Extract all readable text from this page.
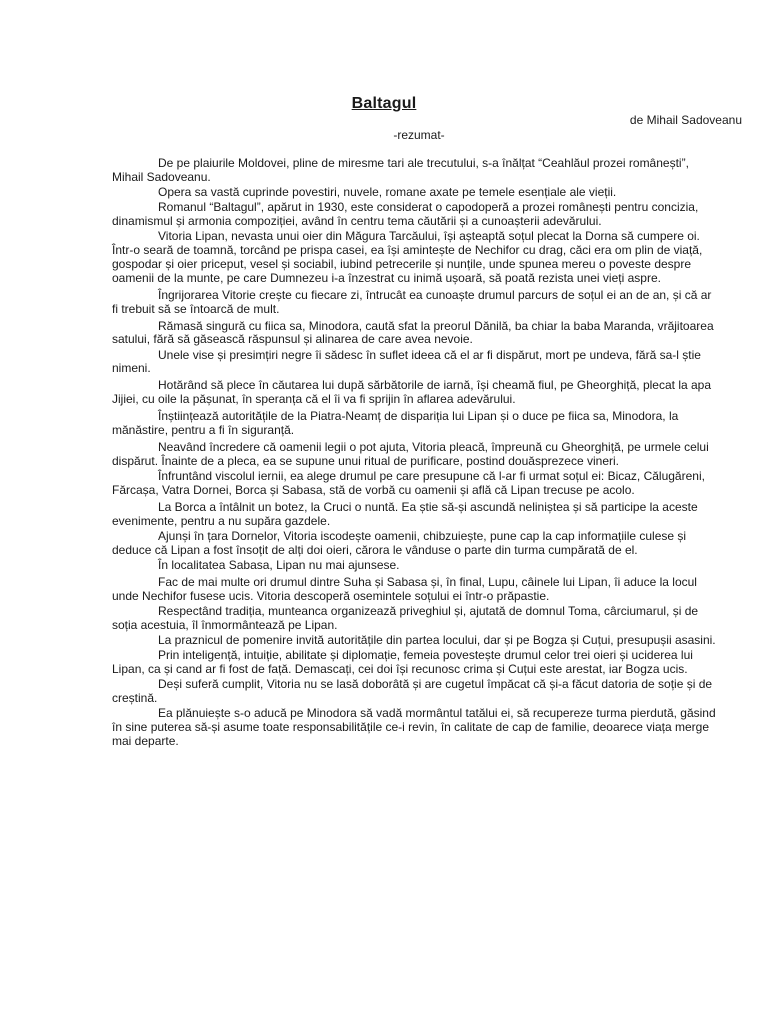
Baltagul
de Mihail Sadoveanu
-rezumat-

De pe plaiurile Moldovei, pline de miresme tari ale trecutului, s-a înălțat “Ceahlăul prozei românești”, Mihail Sadoveanu.

Opera sa vastă cuprinde povestiri, nuvele, romane axate pe temele esențiale ale vieții.

Romanul “Baltagul”, apărut in 1930, este considerat o capodoperă a prozei românești pentru concizia, dinamismul și armonia compoziției, având în centru tema căutării și a cunoașterii adevărului.

Vitoria Lipan, nevasta unui oier din Măgura Tarcăului, își așteaptă soțul plecat la Dorna să cumpere oi. Într-o seară de toamnă, torcând pe prispa casei, ea își amintește de Nechifor cu drag, căci era om plin de viață, gospodar și oier priceput, vesel și sociabil, iubind petrecerile și nunțile, unde spunea mereu o poveste despre oamenii de la munte, pe care Dumnezeu i-a înzestrat cu inimă ușoară, să poată rezista unei vieți aspre.

Îngrijorarea Vitorie crește cu fiecare zi, întrucât ea cunoaște drumul parcurs de soțul ei an de an, și că ar fi trebuit să se întoarcă de mult.

Rămasă singură cu fiica sa, Minodora, caută sfat la preorul Dănilă, ba chiar la baba Maranda, vrăjitoarea satului, fără să găsească răspunsul și alinarea de care avea nevoie.

Unele vise și presimțiri negre îi sădesc în suflet ideea că el ar fi dispărut, mort pe undeva, fără sa-l știe nimeni.

Hotărând să plece în căutarea lui după sărbătorile de iarnă, își cheamă fiul, pe Gheorghiță, plecat la apa Jijiei, cu oile la pășunat, în speranța că el îi va fi sprijin în aflarea adevărului.

Înștiințează autoritățile de la Piatra-Neamț de dispariția lui Lipan și o duce pe fiica sa, Minodora, la mănăstire, pentru a fi în siguranță.

Neavând încredere că oamenii legii o pot ajuta, Vitoria pleacă, împreună cu Gheorghiță, pe urmele celui dispărut. Înainte de a pleca, ea se supune unui ritual de purificare, postind douăsprezece vineri.

Înfruntând viscolul iernii, ea alege drumul pe care presupune că l-ar fi urmat soțul ei: Bicaz, Călugăreni, Fărcașa, Vatra Dornei, Borca și Sabasa, stă de vorbă cu oamenii și află că Lipan trecuse pe acolo.

La Borca a întâlnit un botez, la Cruci o nuntă. Ea știe să-și ascundă neliniștea și să participe la aceste evenimente, pentru a nu supăra gazdele.

Ajunși în țara Dornelor, Vitoria iscodește oamenii, chibzuiește, pune cap la cap informațiile culese și deduce că Lipan a fost însoțit de alți doi oieri, cărora le vânduse o parte din turma cumpărată de el.

În localitatea Sabasa, Lipan nu mai ajunsese.

Fac de mai multe ori drumul dintre Suha și Sabasa și, în final, Lupu, câinele lui Lipan, îi aduce la locul unde Nechifor fusese ucis. Vitoria descoperă osemintele soțului ei într-o prăpastie.

Respectând tradiția, munteanca organizează priveghiul și, ajutată de domnul Toma, cârciumarul, și de soția acestuia, îl înmormântează pe Lipan.

La praznicul de pomenire invită autoritățile din partea locului, dar și pe Bogza și Cuțui, presupușii asasini.

Prin inteligență, intuiție, abilitate și diplomație, femeia povestește drumul celor trei oieri și uciderea lui Lipan, ca și cand ar fi fost de față. Demascați, cei doi își recunosc crima și Cuțui este arestat, iar Bogza ucis.

Deși suferă cumplit, Vitoria nu se lasă doborâtă și are cugetul împăcat că și-a făcut datoria de soție și de creștină.

Ea plănuiește s-o aducă pe Minodora să vadă mormântul tatălui ei, să recupereze turma pierdută, găsind în sine puterea să-și asume toate responsabilitățile ce-i revin, în calitate de cap de familie, deoarece viața merge mai departe.
